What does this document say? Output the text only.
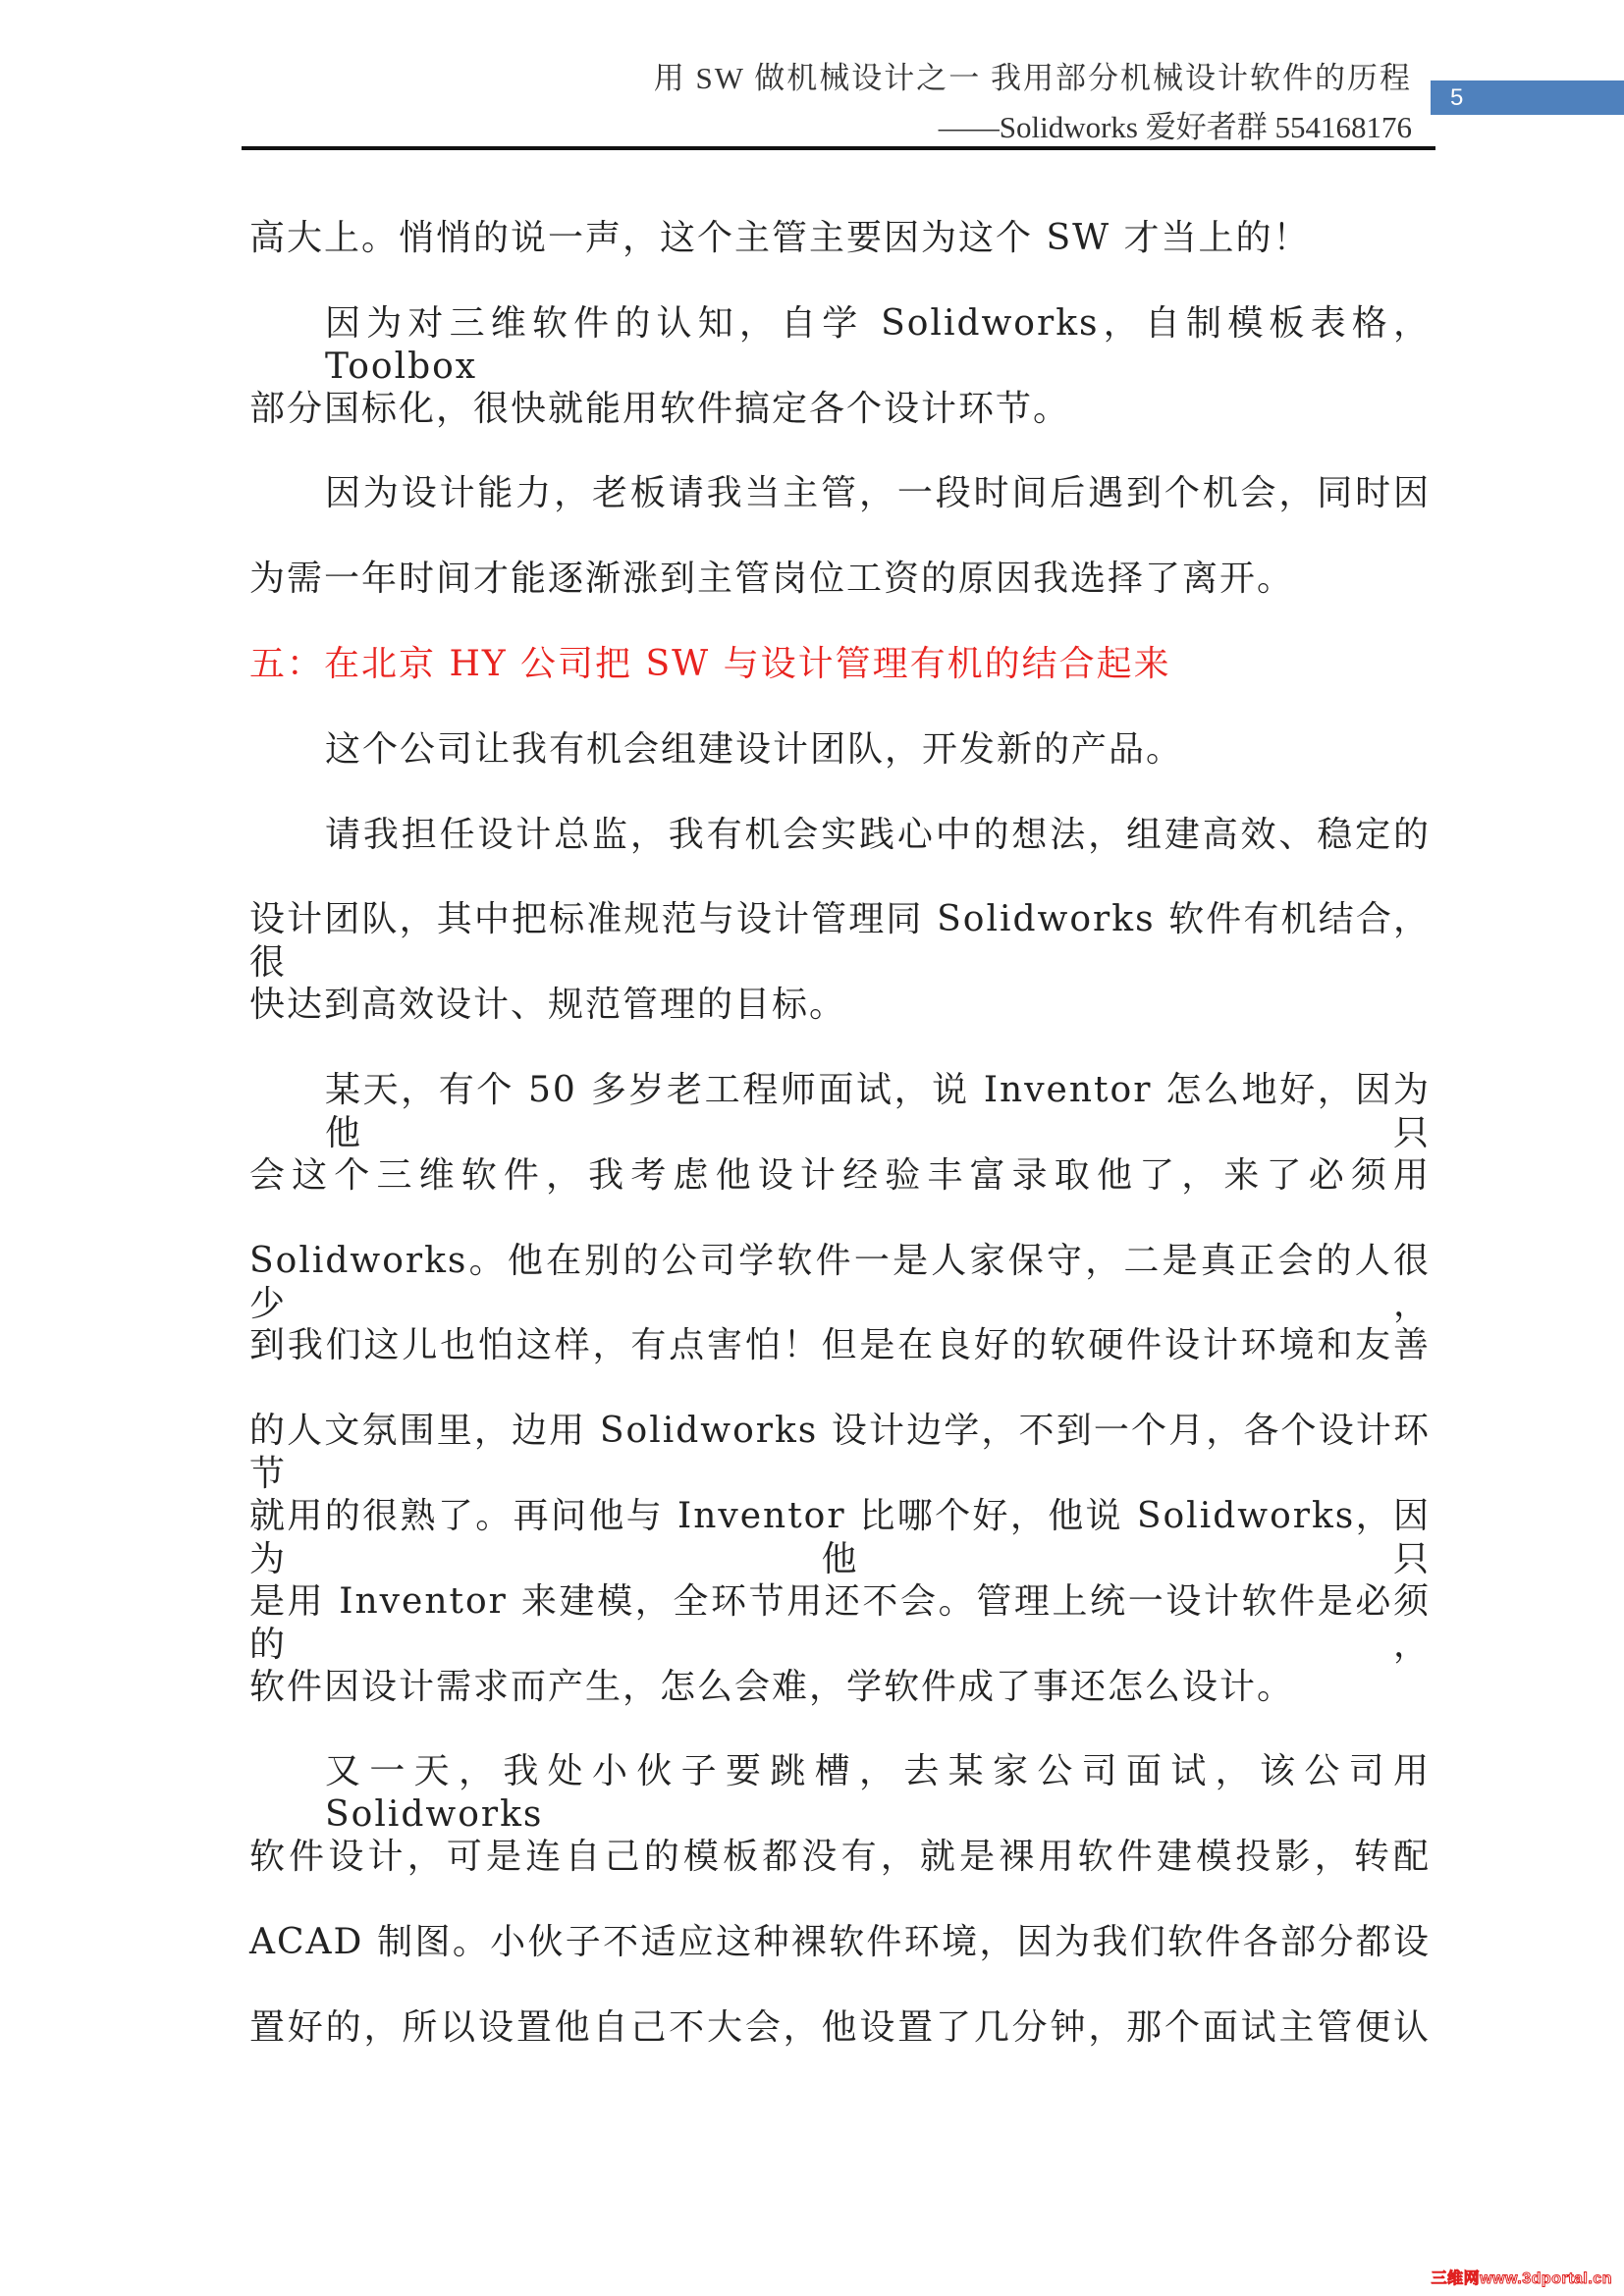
用 SW 做机械设计之一 我用部分机械设计软件的历程
——Solidworks 爱好者群 554168176
5
高大上。悄悄的说一声，这个主管主要因为这个 SW 才当上的！
因为对三维软件的认知，自学 Solidworks，自制模板表格，Toolbox
部分国标化，很快就能用软件搞定各个设计环节。
因为设计能力，老板请我当主管，一段时间后遇到个机会，同时因
为需一年时间才能逐渐涨到主管岗位工资的原因我选择了离开。
五：在北京 HY 公司把 SW 与设计管理有机的结合起来
这个公司让我有机会组建设计团队，开发新的产品。
请我担任设计总监，我有机会实践心中的想法，组建高效、稳定的
设计团队，其中把标准规范与设计管理同 Solidworks 软件有机结合，很
快达到高效设计、规范管理的目标。
某天，有个 50 多岁老工程师面试，说 Inventor 怎么地好，因为他只
会这个三维软件，我考虑他设计经验丰富录取他了，来了必须用
Solidworks。他在别的公司学软件一是人家保守，二是真正会的人很少，
到我们这儿也怕这样，有点害怕！但是在良好的软硬件设计环境和友善
的人文氛围里，边用 Solidworks 设计边学，不到一个月，各个设计环节
就用的很熟了。再问他与 Inventor 比哪个好，他说 Solidworks，因为他只
是用 Inventor 来建模，全环节用还不会。管理上统一设计软件是必须的，
软件因设计需求而产生，怎么会难，学软件成了事还怎么设计。
又一天，我处小伙子要跳槽，去某家公司面试，该公司用 Solidworks
软件设计，可是连自己的模板都没有，就是裸用软件建模投影，转配
ACAD 制图。小伙子不适应这种裸软件环境，因为我们软件各部分都设
置好的，所以设置他自己不大会，他设置了几分钟，那个面试主管便认
三维网www.3dportal.cn
